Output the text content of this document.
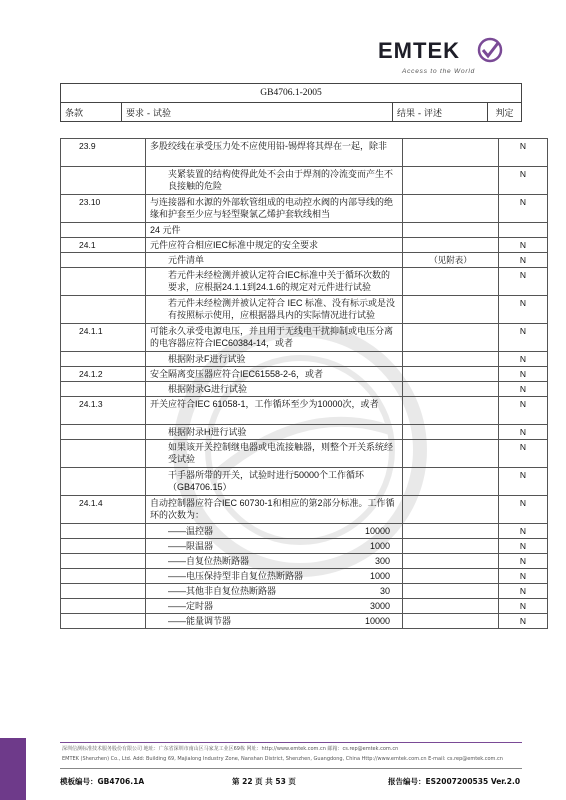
EMTEK
Access to the World
GB4706.1-2005
条款	要求 - 试验	结果 - 评述	判定
23.9	多股绞线在承受压力处不应使用铅-锡焊将其焊在一起，除非		N
	夹紧装置的结构使得此处不会由于焊剂的冷流变而产生不良接触的危险		N
23.10	与连接器和水源的外部软管组成的电动控水阀的内部导线的绝缘和护套至少应与轻型聚氯乙烯护套软线相当		N
	24 元件		
24.1	元件应符合相应IEC标准中规定的安全要求		N
	元件清单	（见附表）	N
	若元件未经检测并被认定符合IEC标准中关于循环次数的要求，应根据24.1.1到24.1.6的规定对元件进行试验		N
	若元件未经检测并被认定符合 IEC 标准、没有标示或是没有按照标示使用，应根据器具内的实际情况进行试验		N
24.1.1	可能永久承受电源电压，并且用于无线电干扰抑制或电压分离的电容器应符合IEC60384-14，或者		N
	根据附录F进行试验		N
24.1.2	安全隔离变压器应符合IEC61558-2-6，或者		N
	根据附录G进行试验		N
24.1.3	开关应符合IEC 61058-1，工作循环至少为10000次，或者		N
	根据附录H进行试验		N
	如果该开关控制继电器或电流接触器，则整个开关系统经受试验		N
	干手器所带的开关，试验时进行50000个工作循环（GB4706.15）		N
24.1.4	自动控制器应符合IEC 60730-1和相应的第2部分标准。工作循环的次数为：		N

	——温控器 10000		N

	——限温器 1000		N

	——自复位热断路器 300		N

	——电压保持型非自复位热断路器 1000		N

	——其他非自复位热断路器 30		N

	——定时器 3000		N

	——能量调节器 10000		N
深圳信测标准技术服务股份有限公司 地址：广东省深圳市南山区马家龙工业区69栋 网址：http://www.emtek.com.cn 邮箱：cs.rep@emtek.com.cn
EMTEK (Shenzhen) Co., Ltd. Add: Building 69, Majialong Industry Zone, Nanshan District, Shenzhen, Guangdong, China Http://www.emtek.com.cn E-mail: cs.rep@emtek.com.cn
模板编号：GB4706.1A	第 22 页 共 53 页	报告编号：ES2007200535 Ver.2.0
